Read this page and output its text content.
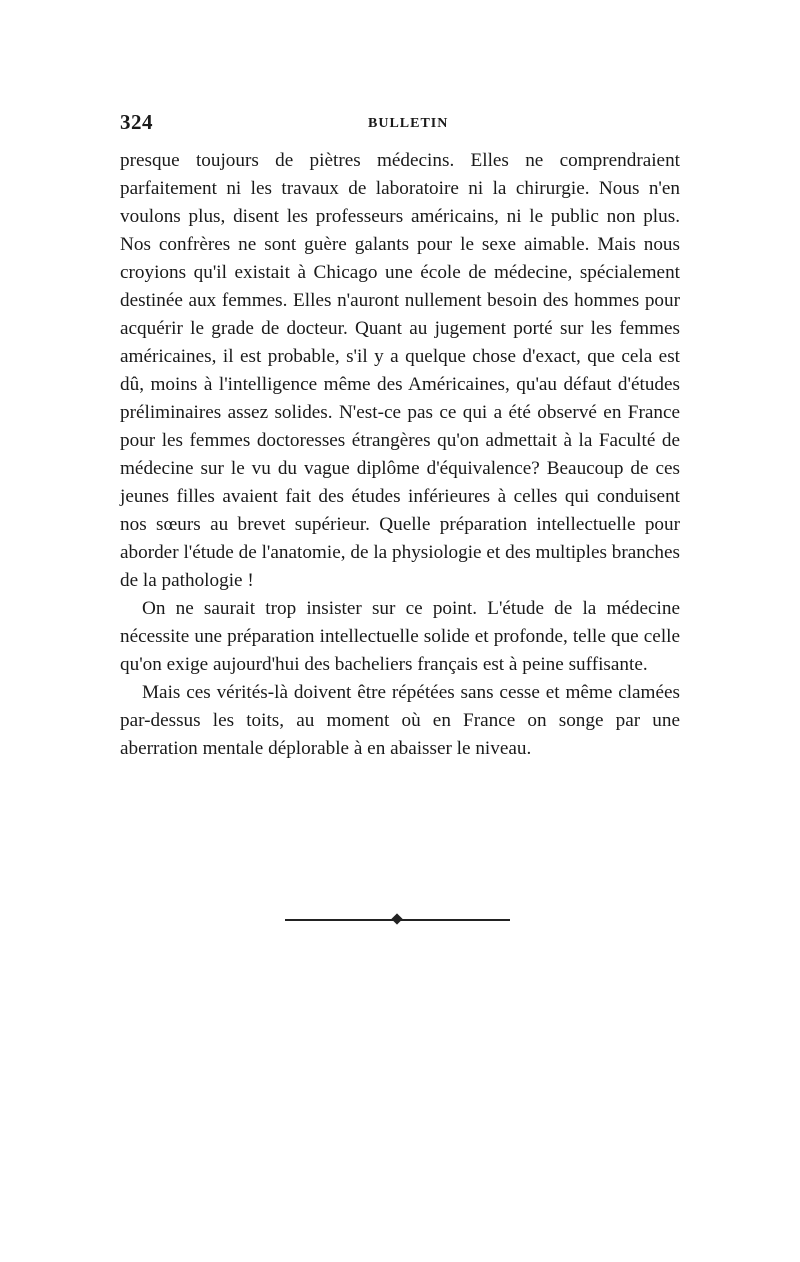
324	BULLETIN

presque toujours de piètres médecins. Elles ne comprendraient parfaitement ni les travaux de laboratoire ni la chirurgie. Nous n'en voulons plus, disent les professeurs américains, ni le public non plus. Nos confrères ne sont guère galants pour le sexe aimable. Mais nous croyions qu'il existait à Chicago une école de médecine, spécialement destinée aux femmes. Elles n'auront nullement besoin des hommes pour acquérir le grade de docteur. Quant au jugement porté sur les femmes américaines, il est probable, s'il y a quelque chose d'exact, que cela est dû, moins à l'intelligence même des Américaines, qu'au défaut d'études préliminaires assez solides. N'est-ce pas ce qui a été observé en France pour les femmes doctoresses étrangères qu'on admettait à la Faculté de médecine sur le vu du vague diplôme d'équivalence? Beaucoup de ces jeunes filles avaient fait des études inférieures à celles qui conduisent nos sœurs au brevet supérieur. Quelle préparation intellectuelle pour aborder l'étude de l'anatomie, de la physiologie et des multiples branches de la pathologie !

On ne saurait trop insister sur ce point. L'étude de la médecine nécessite une préparation intellectuelle solide et profonde, telle que celle qu'on exige aujourd'hui des bacheliers français est à peine suffisante.

Mais ces vérités-là doivent être répétées sans cesse et même clamées par-dessus les toits, au moment où en France on songe par une aberration mentale déplorable à en abaisser le niveau.
